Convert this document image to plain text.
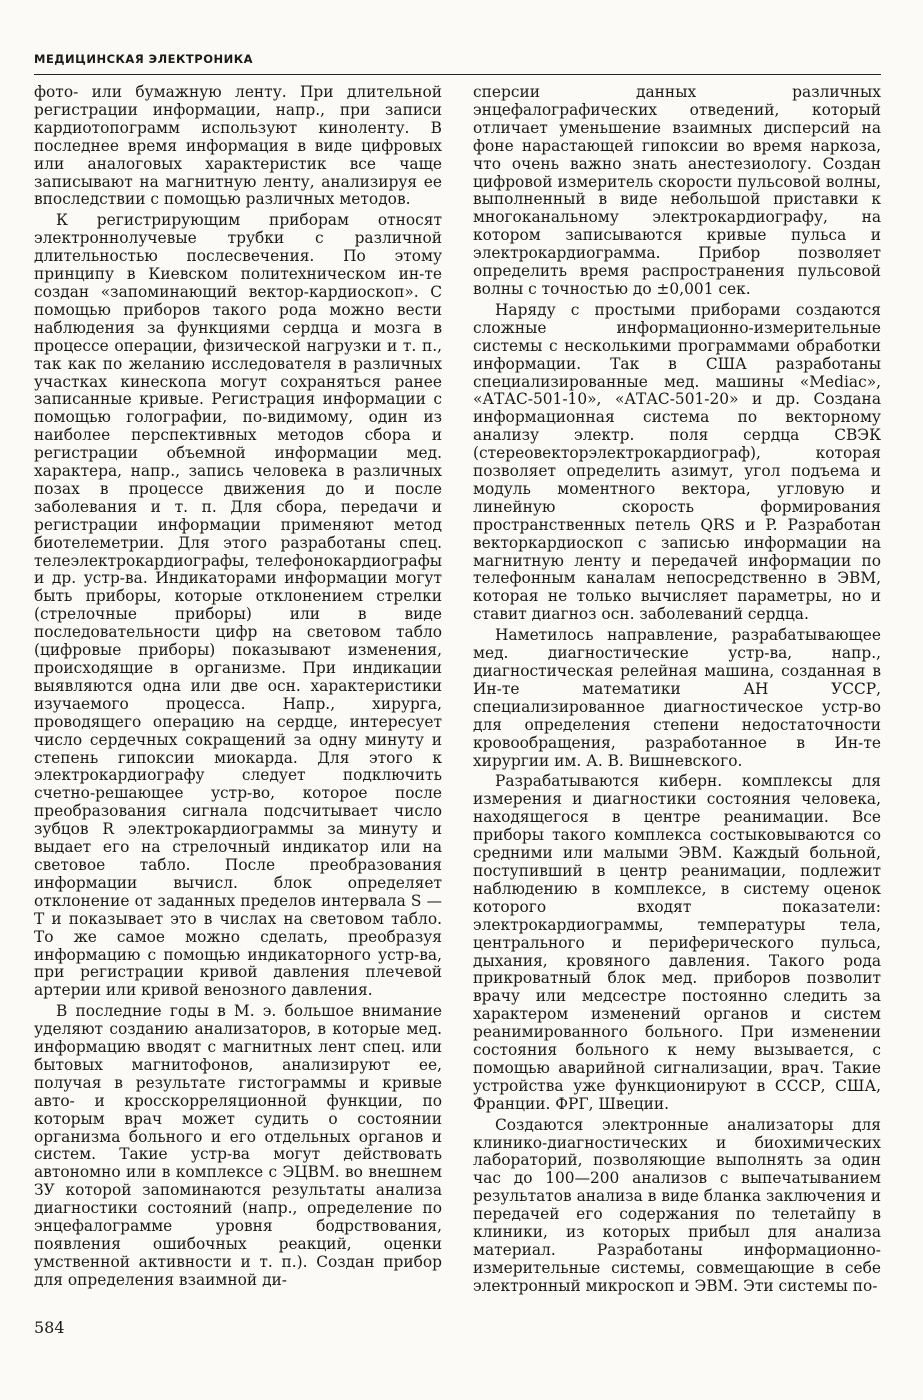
МЕДИЦИНСКАЯ ЭЛЕКТРОНИКА

фото- или бумажную ленту. При длительной регистрации информации, напр., при записи кардиотопограмм используют киноленту. В последнее время информация в виде цифровых или аналоговых характеристик все чаще записывают на магнитную ленту, анализируя ее впоследствии с помощью различных методов.

К регистрирующим приборам относят электроннолучевые трубки с различной длительностью послесвечения. По этому принципу в Киевском политехническом ин-те создан «запоминающий вектор-кардиоскоп». С помощью приборов такого рода можно вести наблюдения за функциями сердца и мозга в процессе операции, физической нагрузки и т. п., так как по желанию исследователя в различных участках кинескопа могут сохраняться ранее записанные кривые. Регистрация информации с помощью голографии, по-видимому, один из наиболее перспективных методов сбора и регистрации объемной информации мед. характера, напр., запись человека в различных позах в процессе движения до и после заболевания и т. п. Для сбора, передачи и регистрации информации применяют метод биотелеметрии. Для этого разработаны спец. телеэлектрокардиографы, телефонокардиографы и др. устр-ва. Индикаторами информации могут быть приборы, которые отклонением стрелки (стрелочные приборы) или в виде последовательности цифр на световом табло (цифровые приборы) показывают изменения, происходящие в организме. При индикации выявляются одна или две осн. характеристики изучаемого процесса. Напр., хирурга, проводящего операцию на сердце, интересует число сердечных сокращений за одну минуту и степень гипоксии миокарда. Для этого к электрокардиографу следует подключить счетно-решающее устр-во, которое после преобразования сигнала подсчитывает число зубцов R электрокардиограммы за минуту и выдает его на стрелочный индикатор или на световое табло. После преобразования информации вычисл. блок определяет отклонение от заданных пределов интервала S — T и показывает это в числах на световом табло. То же самое можно сделать, преобразуя информацию с помощью индикаторного устр-ва, при регистрации кривой давления плечевой артерии или кривой венозного давления.

В последние годы в М. э. большое внимание уделяют созданию анализаторов, в которые мед. информацию вводят с магнитных лент спец. или бытовых магнитофонов, анализируют ее, получая в результате гистограммы и кривые авто- и кросскорреляционной функции, по которым врач может судить о состоянии организма больного и его отдельных органов и систем. Такие устр-ва могут действовать автономно или в комплексе с ЭЦВМ. во внешнем ЗУ которой запоминаются результаты анализа диагностики состояний (напр., определение по энцефалограмме уровня бодрствования, появления ошибочных реакций, оценки умственной активности и т. п.). Создан прибор для определения взаимной ди-

сперсии данных различных энцефалографических отведений, который отличает уменьшение взаимных дисперсий на фоне нарастающей гипоксии во время наркоза, что очень важно знать анестезиологу. Создан цифровой измеритель скорости пульсовой волны, выполненный в виде небольшой приставки к многоканальному электрокардиографу, на котором записываются кривые пульса и электрокардиограмма. Прибор позволяет определить время распространения пульсовой волны с точностью до ±0,001 сек.

Наряду с простыми приборами создаются сложные информационно-измерительные системы с несколькими программами обработки информации. Так в США разработаны специализированные мед. машины «Mediac», «АТАС-501-10», «АТАС-501-20» и др. Создана информационная система по векторному анализу электр. поля сердца СВЭК (стереовекторэлектрокардиограф), которая позволяет определить азимут, угол подъема и модуль моментного вектора, угловую и линейную скорость формирования пространственных петель QRS и P. Разработан векторкардиоскоп с записью информации на магнитную ленту и передачей информации по телефонным каналам непосредственно в ЭВМ, которая не только вычисляет параметры, но и ставит диагноз осн. заболеваний сердца.

Наметилось направление, разрабатывающее мед. диагностические устр-ва, напр., диагностическая релейная машина, созданная в Ин-те математики АН УССР, специализированное диагностическое устр-во для определения степени недостаточности кровообращения, разработанное в Ин-те хирургии им. А. В. Вишневского.

Разрабатываются киберн. комплексы для измерения и диагностики состояния человека, находящегося в центре реанимации. Все приборы такого комплекса состыковываются со средними или малыми ЭВМ. Каждый больной, поступивший в центр реанимации, подлежит наблюдению в комплексе, в систему оценок которого входят показатели: электрокардиограммы, температуры тела, центрального и периферического пульса, дыхания, кровяного давления. Такого рода прикроватный блок мед. приборов позволит врачу или медсестре постоянно следить за характером изменений органов и систем реанимированного больного. При изменении состояния больного к нему вызывается, с помощью аварийной сигнализации, врач. Такие устройства уже функционируют в СССР, США, Франции. ФРГ, Швеции.

Создаются электронные анализаторы для клинико-диагностических и биохимических лабораторий, позволяющие выполнять за один час до 100—200 анализов с выпечатыванием результатов анализа в виде бланка заключения и передачей его содержания по телетайпу в клиники, из которых прибыл для анализа материал. Разработаны информационно-измерительные системы, совмещающие в себе электронный микроскоп и ЭВМ. Эти системы по-

584
